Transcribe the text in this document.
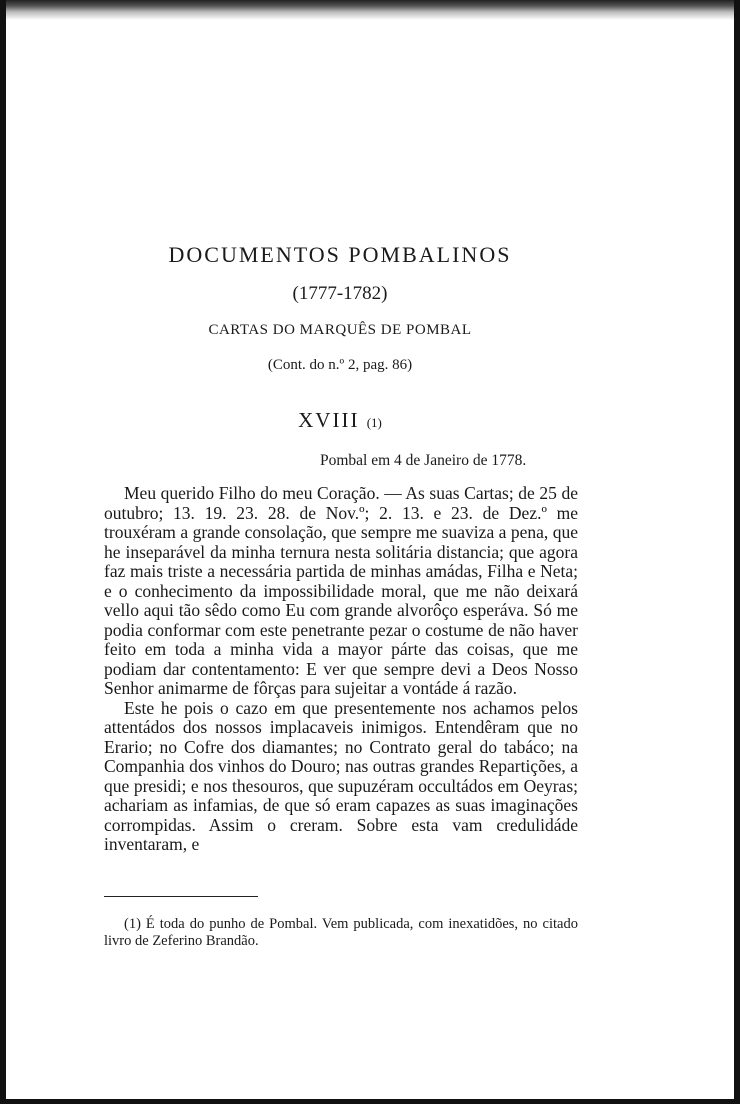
DOCUMENTOS POMBALINOS
(1777-1782)
CARTAS DO MARQUÊS DE POMBAL
(Cont. do n.º 2, pag. 86)
XVIII (1)
Pombal em 4 de Janeiro de 1778.

Meu querido Filho do meu Coração. — As suas Cartas; de 25 de outubro; 13. 19. 23. 28. de Nov.º; 2. 13. e 23. de Dez.º me trouxéram a grande consolação, que sempre me suaviza a pena, que he inseparável da minha ternura nesta solitária distancia; que agora faz mais triste a necessária partida de minhas amádas, Filha e Neta; e o conhecimento da impossibilidade moral, que me não deixará vello aqui tão sêdo como Eu com grande alvorôço esperáva. Só me podia conformar com este penetrante pezar o costume de não haver feito em toda a minha vida a mayor párte das coisas, que me podiam dar contentamento: E ver que sempre devi a Deos Nosso Senhor animarme de fôrças para sujeitar a vontáde á razão.

Este he pois o cazo em que presentemente nos achamos pelos attentádos dos nossos implacaveis inimigos. Entendêram que no Erario; no Cofre dos diamantes; no Contrato geral do tabáco; na Companhia dos vinhos do Douro; nas outras grandes Repartições, a que presidi; e nos thesouros, que supuzéram occultádos em Oeyras; achariam as infamias, de que só eram capazes as suas imaginações corrompidas. Assim o creram. Sobre esta vam credulidáde inventaram, e

(1) É toda do punho de Pombal. Vem publicada, com inexatidões, no citado livro de Zeferino Brandão.
